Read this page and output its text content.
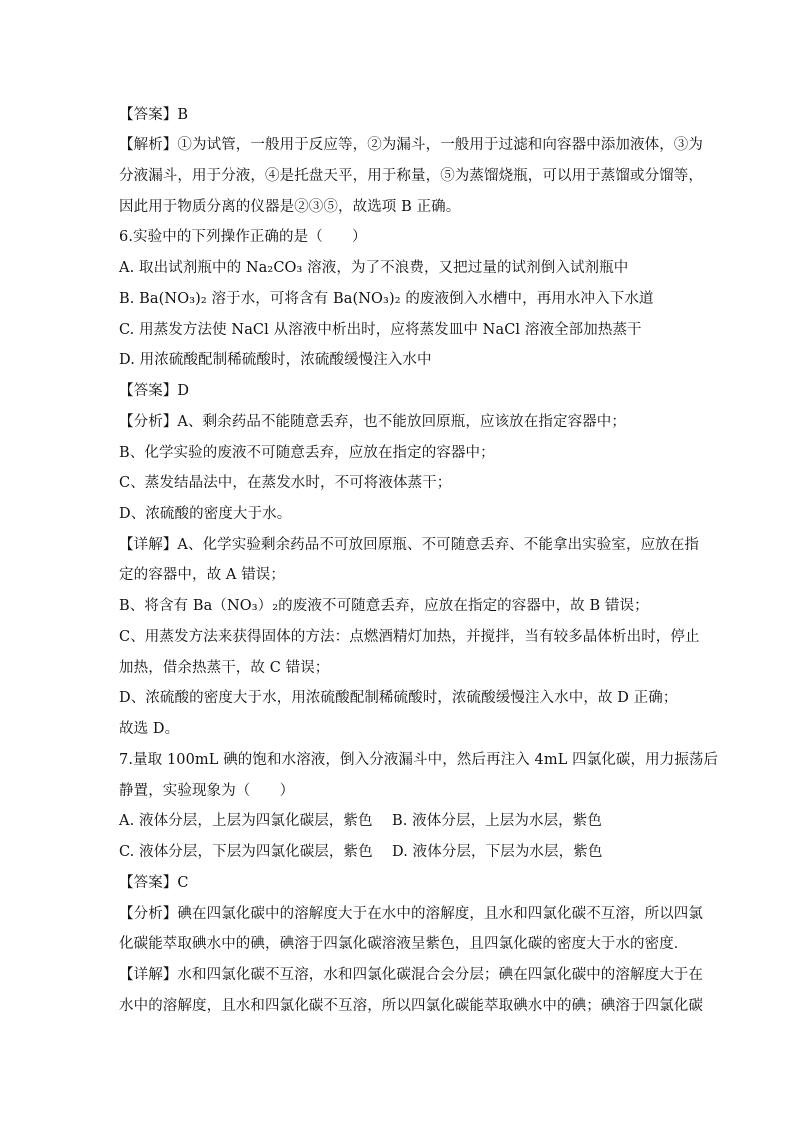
【答案】B
【解析】①为试管，一般用于反应等，②为漏斗，一般用于过滤和向容器中添加液体，③为
分液漏斗，用于分液，④是托盘天平，用于称量，⑤为蒸馏烧瓶，可以用于蒸馏或分馏等，
因此用于物质分离的仪器是②③⑤，故选项 B 正确。
6.实验中的下列操作正确的是（　　）
A. 取出试剂瓶中的 Na₂CO₃ 溶液，为了不浪费，又把过量的试剂倒入试剂瓶中
B. Ba(NO₃)₂ 溶于水，可将含有 Ba(NO₃)₂ 的废液倒入水槽中，再用水冲入下水道
C. 用蒸发方法使 NaCl 从溶液中析出时，应将蒸发皿中 NaCl 溶液全部加热蒸干
D. 用浓硫酸配制稀硫酸时，浓硫酸缓慢注入水中
【答案】D
【分析】A、剩余药品不能随意丢弃，也不能放回原瓶，应该放在指定容器中；
B、化学实验的废液不可随意丢弃，应放在指定的容器中；
C、蒸发结晶法中，在蒸发水时，不可将液体蒸干；
D、浓硫酸的密度大于水。
【详解】A、化学实验剩余药品不可放回原瓶、不可随意丢弃、不能拿出实验室，应放在指
定的容器中，故 A 错误；
B、将含有 Ba（NO₃）₂的废液不可随意丢弃，应放在指定的容器中，故 B 错误；
C、用蒸发方法来获得固体的方法：点燃酒精灯加热，并搅拌，当有较多晶体析出时，停止
加热，借余热蒸干，故 C 错误；
D、浓硫酸的密度大于水，用浓硫酸配制稀硫酸时，浓硫酸缓慢注入水中，故 D 正确；
故选 D。
7.量取 100mL 碘的饱和水溶液，倒入分液漏斗中，然后再注入 4mL 四氯化碳，用力振荡后
静置，实验现象为（　　）
A. 液体分层，上层为四氯化碳层，紫色 B. 液体分层，上层为水层，紫色
C. 液体分层，下层为四氯化碳层，紫色 D. 液体分层，下层为水层，紫色
【答案】C
【分析】碘在四氯化碳中的溶解度大于在水中的溶解度，且水和四氯化碳不互溶，所以四氯
化碳能萃取碘水中的碘，碘溶于四氯化碳溶液呈紫色，且四氯化碳的密度大于水的密度．
【详解】水和四氯化碳不互溶，水和四氯化碳混合会分层；碘在四氯化碳中的溶解度大于在
水中的溶解度，且水和四氯化碳不互溶，所以四氯化碳能萃取碘水中的碘；碘溶于四氯化碳
